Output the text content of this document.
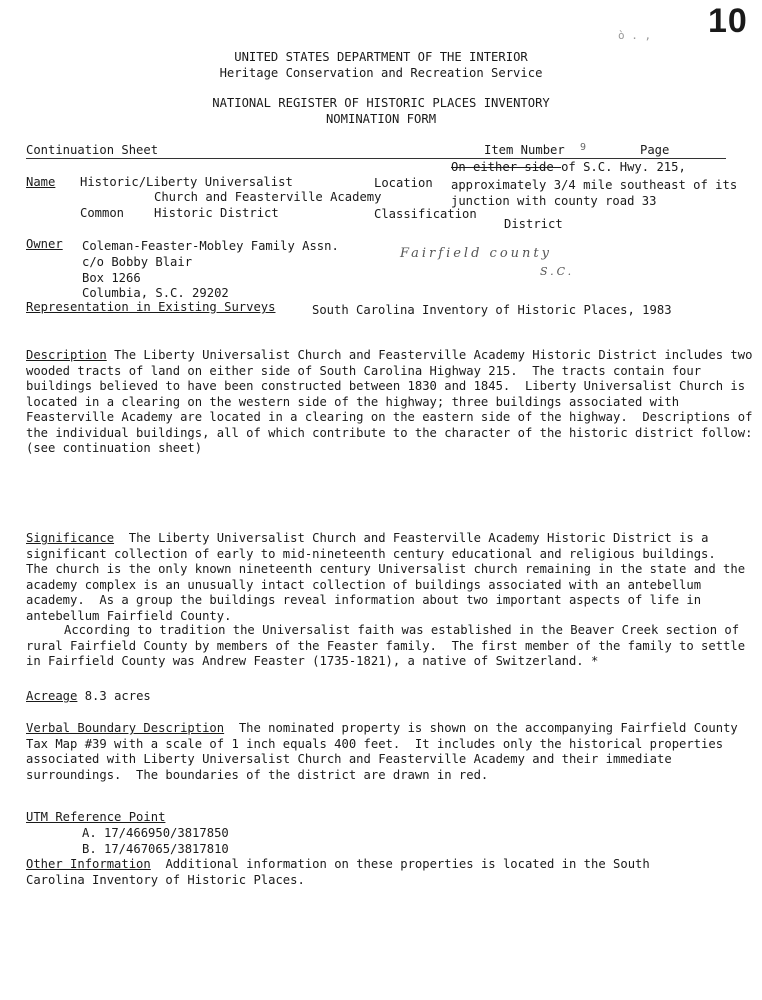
ò . , 10
UNITED STATES DEPARTMENT OF THE INTERIOR
Heritage Conservation and Recreation Service
NATIONAL REGISTER OF HISTORIC PLACES INVENTORY
NOMINATION FORM
Continuation Sheet	Item Number 9	Page
Name Historic/Liberty Universalist
Church and Feasterville Academy
Common Historic District
Location
On either side of S.C. Hwy. 215,
approximately 3/4 mile southeast of its
junction with county road 33
Classification
District
Owner Coleman-Feaster-Mobley Family Assn.
c/o Bobby Blair
Box 1266
Columbia, S.C. 29202
Fairfield county
S.C.
Representation in Existing Surveys	South Carolina Inventory of Historic Places, 1983
Description The Liberty Universalist Church and Feasterville Academy Historic District includes two wooded tracts of land on either side of South Carolina Highway 215.  The tracts contain four buildings believed to have been constructed between 1830 and 1845.  Liberty Universalist Church is located in a clearing on the western side of the highway; three buildings associated with Feasterville Academy are located in a clearing on the eastern side of the highway.  Descriptions of the individual buildings, all of which contribute to the character of the historic district follow: (see continuation sheet)
Significance The Liberty Universalist Church and Feasterville Academy Historic District is a significant collection of early to mid-nineteenth century educational and religious buildings.  The church is the only known nineteenth century Universalist church remaining in the state and the academy complex is an unusually intact collection of buildings associated with an antebellum academy.  As a group the buildings reveal information about two important aspects of life in antebellum Fairfield County.
According to tradition the Universalist faith was established in the Beaver Creek section of rural Fairfield County by members of the Feaster family.  The first member of the family to settle in Fairfield County was Andrew Feaster (1735-1821), a native of Switzerland. *
Acreage 8.3 acres
Verbal Boundary Description The nominated property is shown on the accompanying Fairfield County Tax Map #39 with a scale of 1 inch equals 400 feet.  It includes only the historical properties associated with Liberty Universalist Church and Feasterville Academy and their immediate surroundings.  The boundaries of the district are drawn in red.
UTM Reference Point
A. 17/466950/3817850
B. 17/467065/3817810
Other Information Additional information on these properties is located in the South Carolina Inventory of Historic Places.
